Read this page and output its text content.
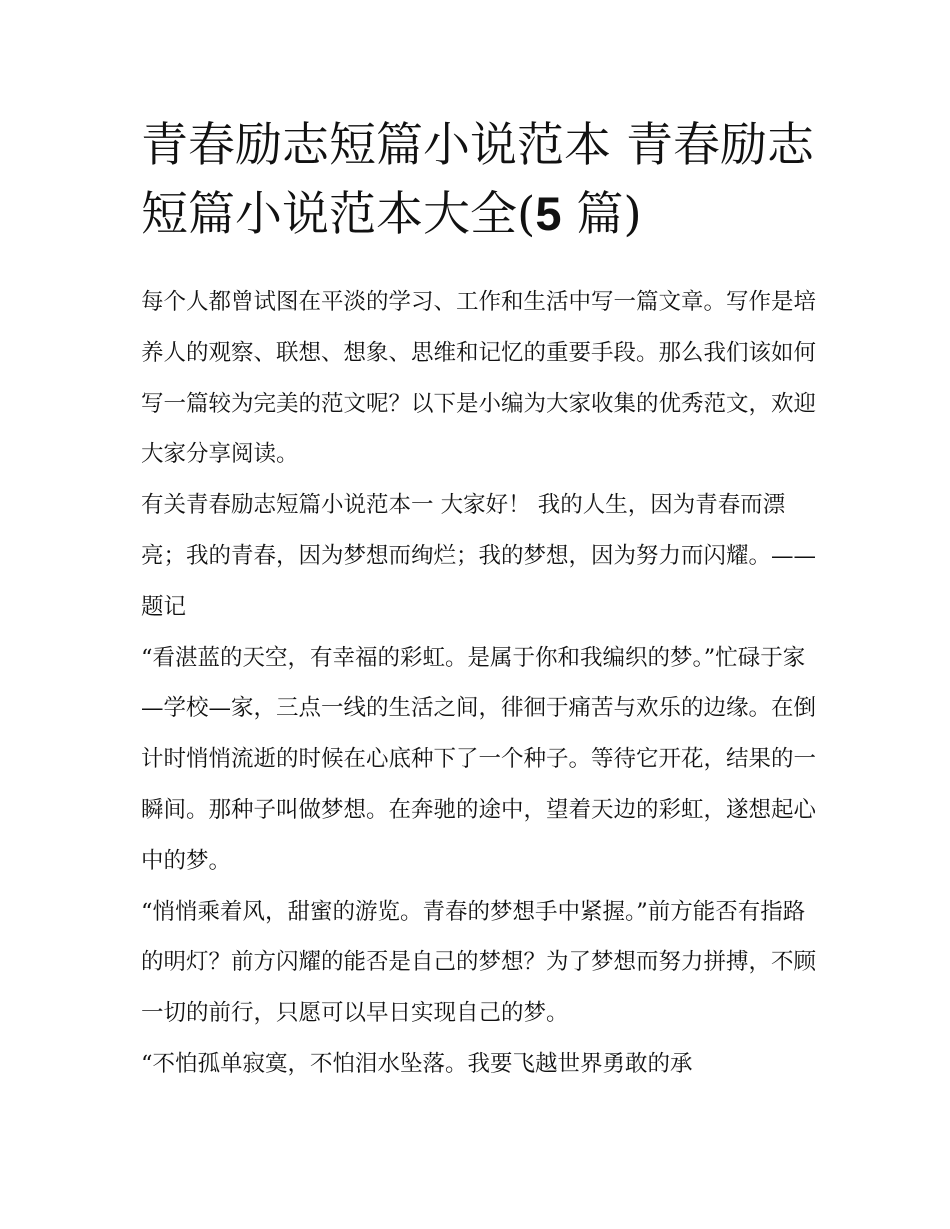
青春励志短篇小说范本 青春励志短篇小说范本大全(5 篇)

每个人都曾试图在平淡的学习、工作和生活中写一篇文章。写作是培养人的观察、联想、想象、思维和记忆的重要手段。那么我们该如何写一篇较为完美的范文呢？以下是小编为大家收集的优秀范文，欢迎大家分享阅读。

有关青春励志短篇小说范本一 大家好！ 我的人生，因为青春而漂亮；我的青春，因为梦想而绚烂；我的梦想，因为努力而闪耀。——题记

“看湛蓝的天空，有幸福的彩虹。是属于你和我编织的梦。”忙碌于家—学校—家，三点一线的生活之间，徘徊于痛苦与欢乐的边缘。在倒计时悄悄流逝的时候在心底种下了一个种子。等待它开花，结果的一瞬间。那种子叫做梦想。在奔驰的途中，望着天边的彩虹，遂想起心中的梦。

“悄悄乘着风，甜蜜的游览。青春的梦想手中紧握。”前方能否有指路的明灯？前方闪耀的能否是自己的梦想？为了梦想而努力拼搏，不顾一切的前行，只愿可以早日实现自己的梦。

“不怕孤单寂寞，不怕泪水坠落。我要飞越世界勇敢的承
